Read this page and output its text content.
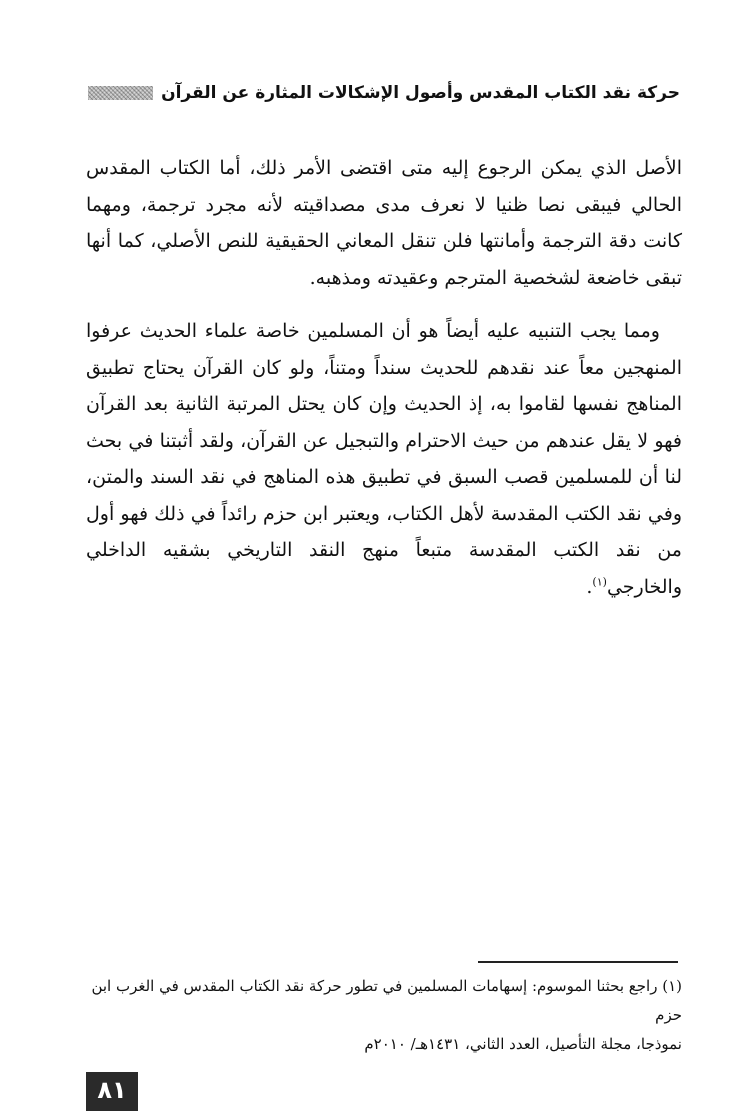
حركة نقد الكتاب المقدس وأصول الإشكالات المثارة عن القرآن

الأصل الذي يمكن الرجوع إليه متى اقتضى الأمر ذلك، أما الكتاب المقدس الحالي فيبقى نصا ظنيا لا نعرف مدى مصداقيته لأنه مجرد ترجمة، ومهما كانت دقة الترجمة وأمانتها فلن تنقل المعاني الحقيقية للنص الأصلي، كما أنها تبقى خاضعة لشخصية المترجم وعقيدته ومذهبه.

ومما يجب التنبيه عليه أيضاً هو أن المسلمين خاصة علماء الحديث عرفوا المنهجين معاً عند نقدهم للحديث سنداً ومتناً، ولو كان القرآن يحتاج تطبيق المناهج نفسها لقاموا به، إذ الحديث وإن كان يحتل المرتبة الثانية بعد القرآن فهو لا يقل عندهم من حيث الاحترام والتبجيل عن القرآن، ولقد أثبتنا في بحث لنا أن للمسلمين قصب السبق في تطبيق هذه المناهج في نقد السند والمتن، وفي نقد الكتب المقدسة لأهل الكتاب، ويعتبر ابن حزم رائداً في ذلك فهو أول من نقد الكتب المقدسة متبعاً منهج النقد التاريخي بشقيه الداخلي والخارجي$^{(١)}$.

(١) راجع بحثنا الموسوم: إسهامات المسلمين في تطور حركة نقد الكتاب المقدس في الغرب ابن حزم

نموذجا، مجلة التأصيل، العدد الثاني، ١٤٣١هـ/ ٢٠١٠م

٨١
